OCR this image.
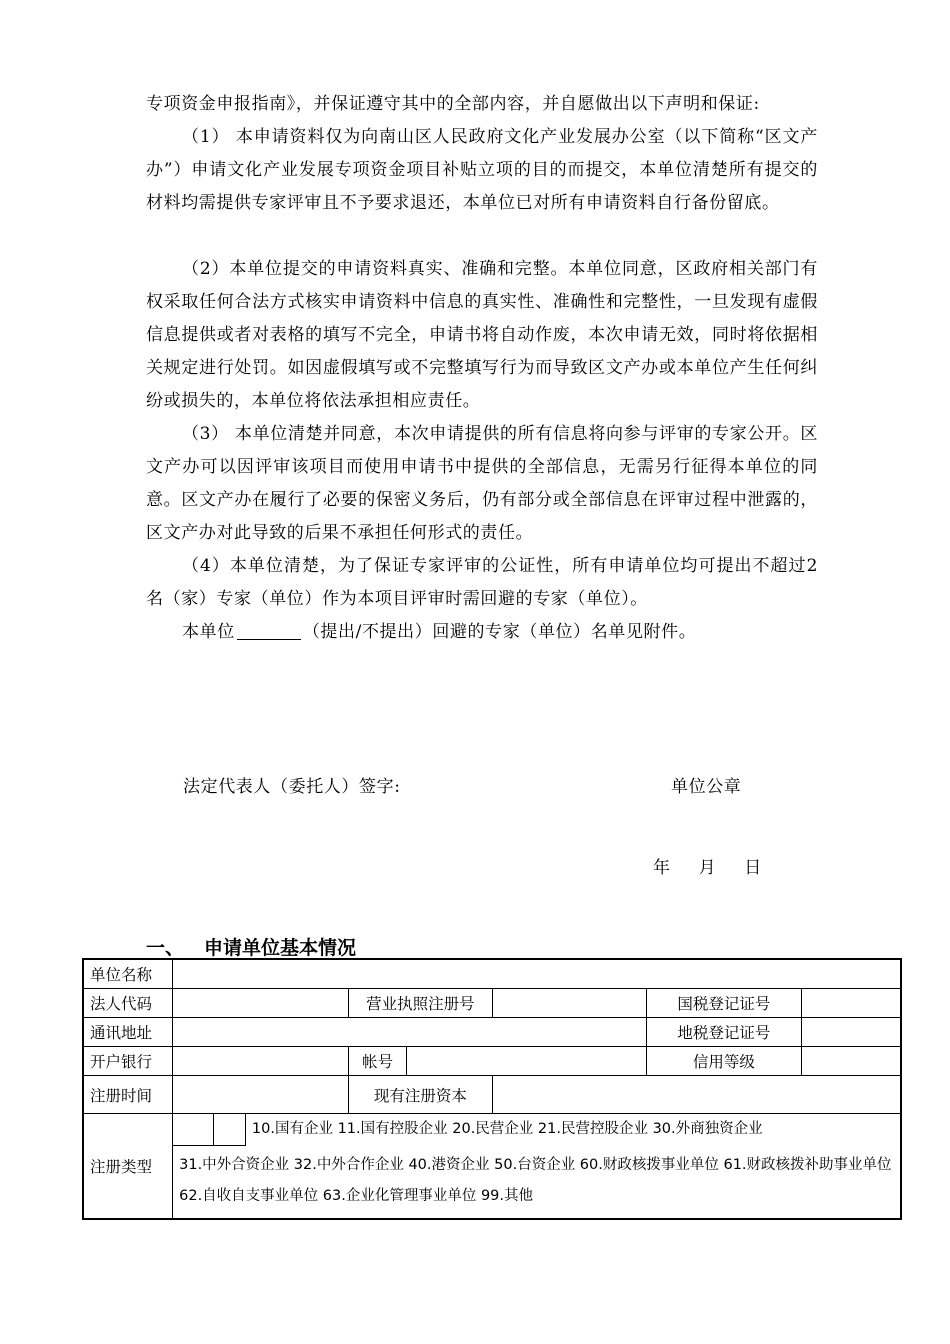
专项资金申报指南》，并保证遵守其中的全部内容，并自愿做出以下声明和保证:

（1） 本申请资料仅为向南山区人民政府文化产业发展办公室（以下简称“区文产办”）申请文化产业发展专项资金项目补贴立项的目的而提交，本单位清楚所有提交的材料均需提供专家评审且不予要求退还，本单位已对所有申请资料自行备份留底。

（2）本单位提交的申请资料真实、准确和完整。本单位同意，区政府相关部门有权采取任何合法方式核实申请资料中信息的真实性、准确性和完整性，一旦发现有虚假信息提供或者对表格的填写不完全，申请书将自动作废，本次申请无效，同时将依据相关规定进行处罚。如因虚假填写或不完整填写行为而导致区文产办或本单位产生任何纠纷或损失的，本单位将依法承担相应责任。

（3） 本单位清楚并同意，本次申请提供的所有信息将向参与评审的专家公开。区文产办可以因评审该项目而使用申请书中提供的全部信息，无需另行征得本单位的同意。区文产办在履行了必要的保密义务后，仍有部分或全部信息在评审过程中泄露的，区文产办对此导致的后果不承担任何形式的责任。

（4）本单位清楚，为了保证专家评审的公证性，所有申请单位均可提出不超过2名（家）专家（单位）作为本项目评审时需回避的专家（单位）。

本单位	（提出/不提出）回避的专家（单位）名单见附件。

法定代表人（委托人）签字:	单位公章
年 月 日
一、 申请单位基本情况
单位名称								
法人代码				营业执照注册号			国税登记证号	
通讯地址							地税登记证号	
开户银行				帐号			信用等级	
注册时间				现有注册资本				
注册类型			10.国有企业 11.国有控股企业 20.民营企业 21.民营控股企业 30.外商独资企业					
	31.中外合资企业 32.中外合作企业 40.港资企业 50.台资企业 60.财政核拨事业单位 61.财政核拨补助事业单位 62.自收自支事业单位 63.企业化管理事业单位 99.其他							
